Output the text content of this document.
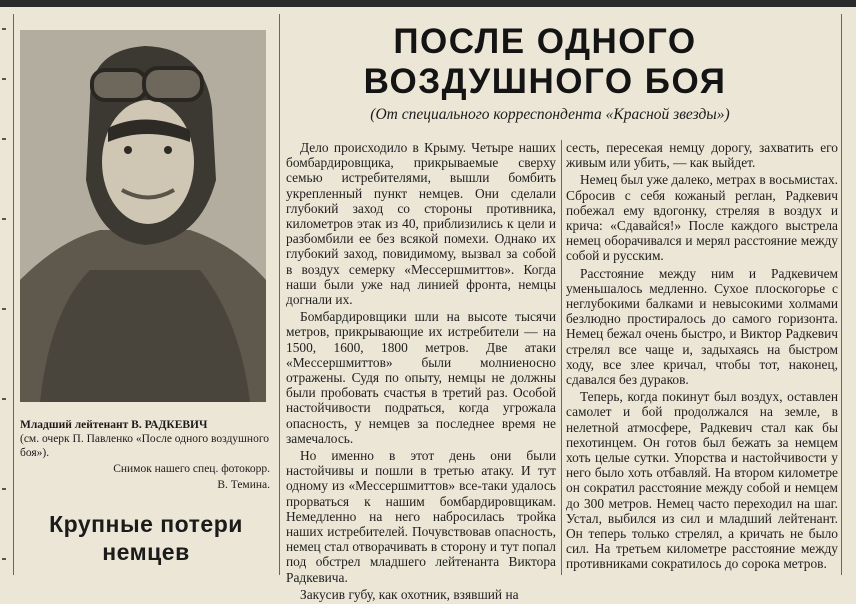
Младший лейтенант В. РАДКЕВИЧ
(см. очерк П. Павленко «После одного воздушного боя»).
Снимок нашего спец. фотокорр.
В. Темина.
Крупные потери
немцев
ПОСЛЕ ОДНОГО
ВОЗДУШНОГО БОЯ
(От специального корреспондента «Красной звезды»)

Дело происходило в Крыму. Четыре наших бомбардировщика, прикрываемые сверху семью истребителями, вышли бомбить укрепленный пункт немцев. Они сделали глубокий заход со стороны противника, километров этак из 40, приблизились к цели и разбомбили ее без всякой помехи. Однако их глубокий заход, повидимому, вызвал за собой в воздух семерку «Мессершмиттов». Когда наши были уже над линией фронта, немцы догнали их.

Бомбардировщики шли на высоте тысячи метров, прикрывающие их истребители — на 1500, 1600, 1800 метров. Две атаки «Мессершмиттов» были молниеносно отражены. Судя по опыту, немцы не должны были пробовать счастья в третий раз. Особой настойчивости подраться, когда угрожала опасность, у немцев за последнее время не замечалось.

Но именно в этот день они были настойчивы и пошли в третью атаку. И тут одному из «Мессершмиттов» все-таки удалось прорваться к нашим бомбардировщикам. Немедленно на него набросилась тройка наших истребителей. Почувствовав опасность, немец стал отворачивать в сторону и тут попал под обстрел младшего лейтенанта Виктора Радкевича.

Закусив губу, как охотник, взявший на

сесть, пересекая немцу дорогу, захватить его живым или убить, — как выйдет.

Немец был уже далеко, метрах в восьмистах. Сбросив с себя кожаный реглан, Радкевич побежал ему вдогонку, стреляя в воздух и крича: «Сдавайся!» После каждого выстрела немец оборачивался и мерял расстояние между собой и русским.

Расстояние между ним и Радкевичем уменьшалось медленно. Сухое плоскогорье с неглубокими балками и невысокими холмами безлюдно простиралось до самого горизонта. Немец бежал очень быстро, и Виктор Радкевич стрелял все чаще и, задыхаясь на быстром ходу, все злее кричал, чтобы тот, наконец, сдавался без дураков.

Теперь, когда покинут был воздух, оставлен самолет и бой продолжался на земле, в нелетной атмосфере, Радкевич стал как бы пехотинцем. Он готов был бежать за немцем хоть целые сутки. Упорства и настойчивости у него было хоть отбавляй. На втором километре он сократил расстояние между собой и немцем до 300 метров. Немец часто переходил на шаг. Устал, выбился из сил и младший лейтенант. Он теперь только стрелял, а кричать не было сил. На третьем километре расстояние между противниками сократилось до сорока метров.
